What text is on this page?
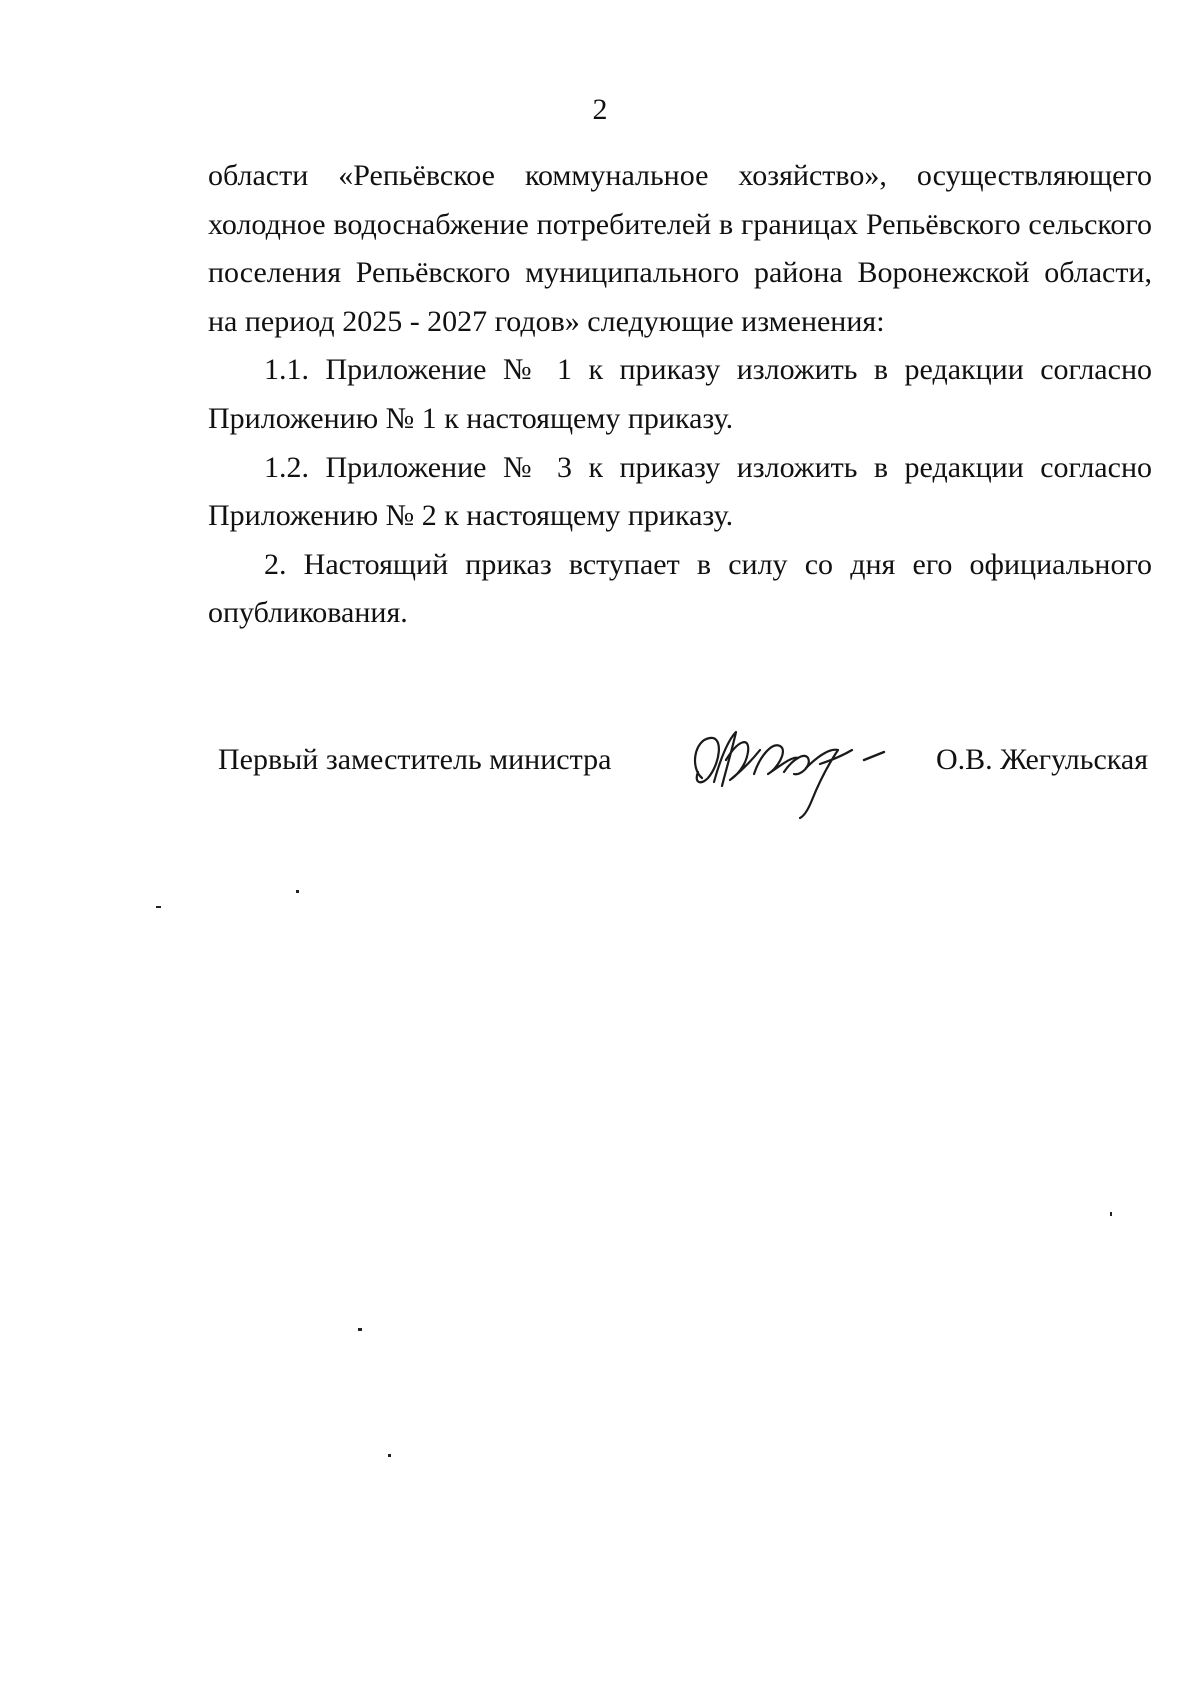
2

области «Репьёвское коммунальное хозяйство», осуществляющего холодное водоснабжение потребителей в границах Репьёвского сельского поселения Репьёвского муниципального района Воронежской области, на период 2025 - 2027 годов» следующие изменения:

1.1. Приложение № 1 к приказу изложить в редакции согласно Приложению № 1 к настоящему приказу.

1.2. Приложение № 3 к приказу изложить в редакции согласно Приложению № 2 к настоящему приказу.

2. Настоящий приказ вступает в силу со дня его официального опубликования.

Первый заместитель министра	О.В. Жегульская
